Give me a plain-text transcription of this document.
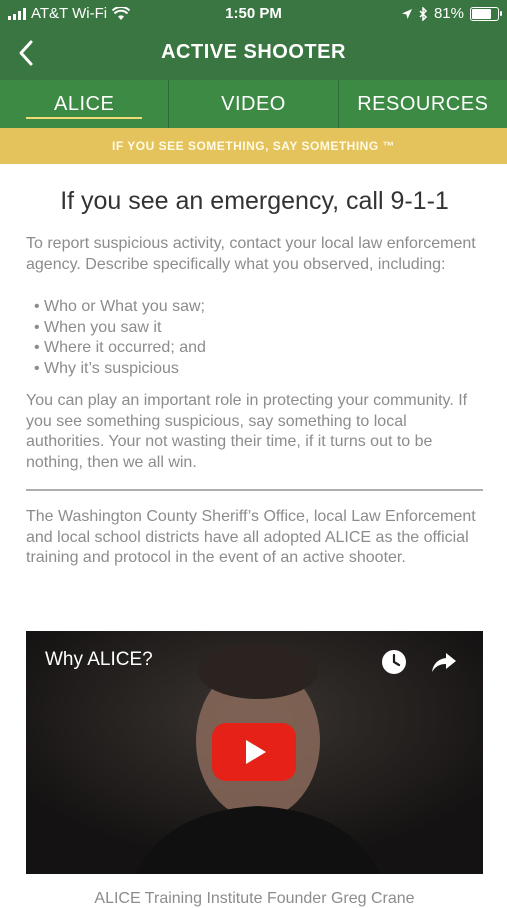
AT&T Wi-Fi	1:50 PM	81%
ACTIVE SHOOTER
ALICE	VIDEO	RESOURCES
IF YOU SEE SOMETHING, SAY SOMETHING ™
If you see an emergency, call 9-1-1

To report suspicious activity, contact your local law enforcement agency. Describe specifically what you observed, including:

• Who or What you saw;
• When you saw it
• Where it occurred; and
• Why it’s suspicious

You can play an important role in protecting your community. If you see something suspicious, say something to local authorities. Your not wasting their time, if it turns out to be nothing, then we all win.

The Washington County Sheriff’s Office, local Law Enforcement and local school districts have all adopted ALICE as the official training and protocol in the event of an active shooter.

Why ALICE?
ALICE Training Institute Founder Greg Crane
